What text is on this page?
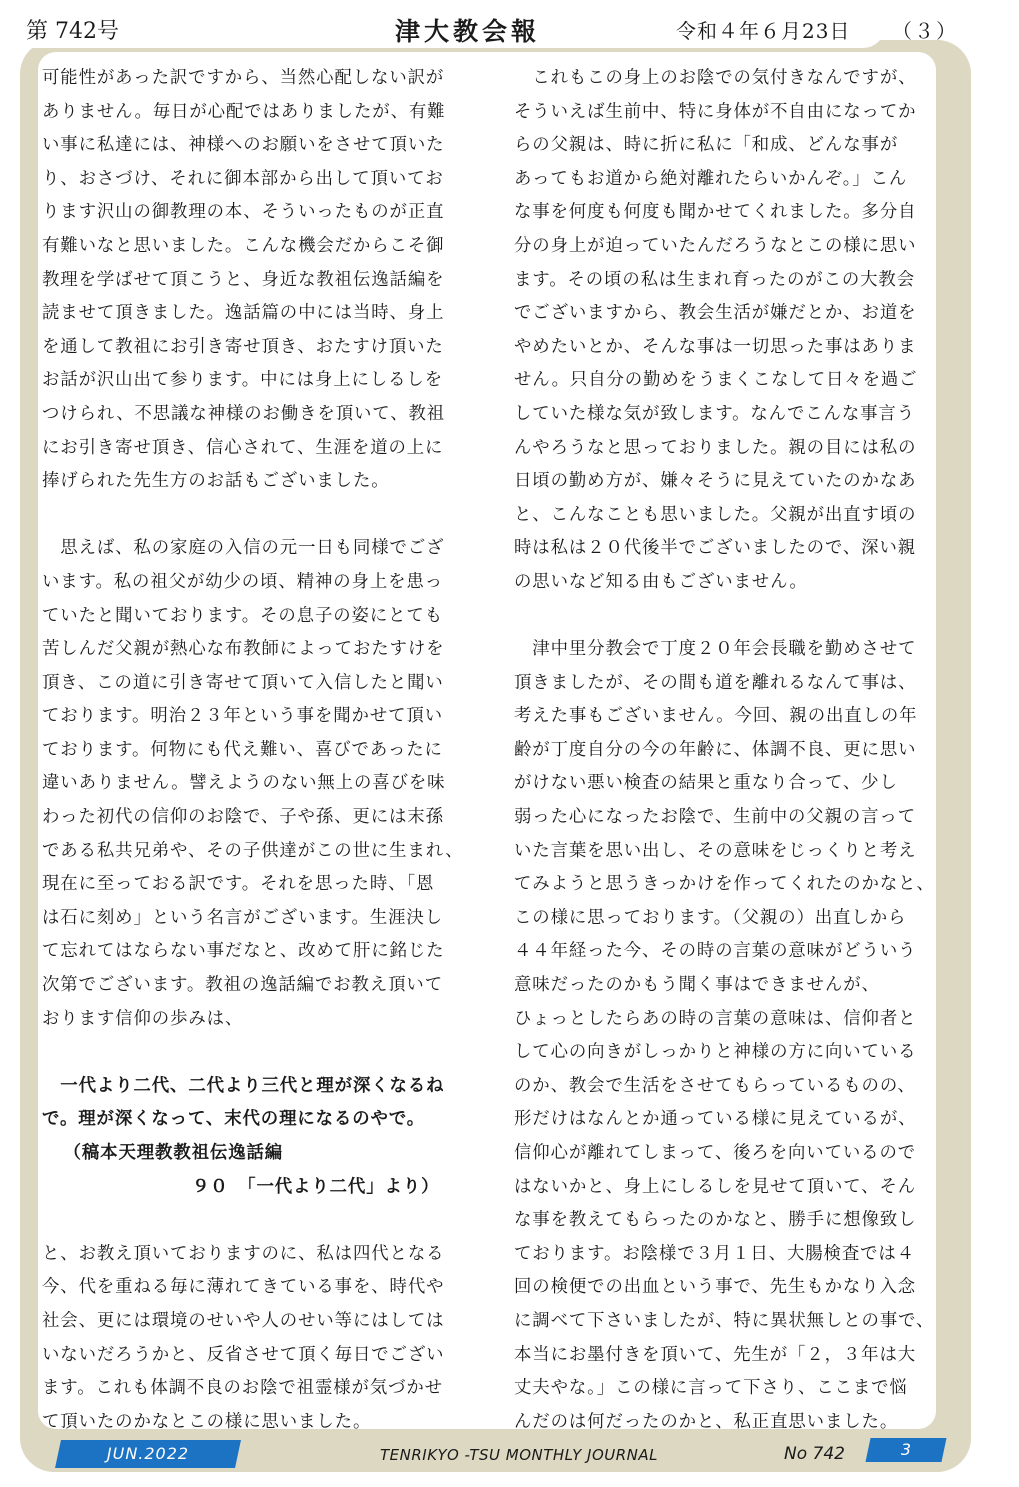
第 742号	津大教会報	令和４年６月23日 （３）
可能性があった訳ですから、当然心配しない訳が
ありません。毎日が心配ではありましたが、有難
い事に私達には、神様へのお願いをさせて頂いた
り、おさづけ、それに御本部から出して頂いてお
ります沢山の御教理の本、そういったものが正直
有難いなと思いました。こんな機会だからこそ御
教理を学ばせて頂こうと、身近な教祖伝逸話編を
読ませて頂きました。逸話篇の中には当時、身上
を通して教祖にお引き寄せ頂き、おたすけ頂いた
お話が沢山出て参ります。中には身上にしるしを
つけられ、不思議な神様のお働きを頂いて、教祖
にお引き寄せ頂き、信心されて、生涯を道の上に
捧げられた先生方のお話もございました。
　思えば、私の家庭の入信の元一日も同様でござ
います。私の祖父が幼少の頃、精神の身上を患っ
ていたと聞いております。その息子の姿にとても
苦しんだ父親が熱心な布教師によっておたすけを
頂き、この道に引き寄せて頂いて入信したと聞い
ております。明治２３年という事を聞かせて頂い
ております。何物にも代え難い、喜びであったに
違いありません。譬えようのない無上の喜びを味
わった初代の信仰のお陰で、子や孫、更には末孫
である私共兄弟や、その子供達がこの世に生まれ、
現在に至っておる訳です。それを思った時、「恩
は石に刻め」という名言がございます。生涯決し
て忘れてはならない事だなと、改めて肝に銘じた
次第でございます。教祖の逸話編でお教え頂いて
おります信仰の歩みは、
　一代より二代、二代より三代と理が深くなるね
で。理が深くなって、末代の理になるのやで。
　（稿本天理教教祖伝逸話編
９０　「一代より二代」より）
と、お教え頂いておりますのに、私は四代となる
今、代を重ねる毎に薄れてきている事を、時代や
社会、更には環境のせいや人のせい等にはしては
いないだろうかと、反省させて頂く毎日でござい
ます。これも体調不良のお陰で祖霊様が気づかせ
て頂いたのかなとこの様に思いました。
　これもこの身上のお陰での気付きなんですが、
そういえば生前中、特に身体が不自由になってか
らの父親は、時に折に私に「和成、どんな事が
あってもお道から絶対離れたらいかんぞ。」こん
な事を何度も何度も聞かせてくれました。多分自
分の身上が迫っていたんだろうなとこの様に思い
ます。その頃の私は生まれ育ったのがこの大教会
でございますから、教会生活が嫌だとか、お道を
やめたいとか、そんな事は一切思った事はありま
せん。只自分の勤めをうまくこなして日々を過ご
していた様な気が致します。なんでこんな事言う
んやろうなと思っておりました。親の目には私の
日頃の勤め方が、嫌々そうに見えていたのかなあ
と、こんなことも思いました。父親が出直す頃の
時は私は２０代後半でございましたので、深い親
の思いなど知る由もございません。
　津中里分教会で丁度２０年会長職を勤めさせて
頂きましたが、その間も道を離れるなんて事は、
考えた事もございません。今回、親の出直しの年
齢が丁度自分の今の年齢に、体調不良、更に思い
がけない悪い検査の結果と重なり合って、少し
弱った心になったお陰で、生前中の父親の言って
いた言葉を思い出し、その意味をじっくりと考え
てみようと思うきっかけを作ってくれたのかなと、
この様に思っております。（父親の）出直しから
４４年経った今、その時の言葉の意味がどういう
意味だったのかもう聞く事はできませんが、
ひょっとしたらあの時の言葉の意味は、信仰者と
して心の向きがしっかりと神様の方に向いている
のか、教会で生活をさせてもらっているものの、
形だけはなんとか通っている様に見えているが、
信仰心が離れてしまって、後ろを向いているので
はないかと、身上にしるしを見せて頂いて、そん
な事を教えてもらったのかなと、勝手に想像致し
ております。お陰様で３月１日、大腸検査では４
回の検便での出血という事で、先生もかなり入念
に調べて下さいましたが、特に異状無しとの事で、
本当にお墨付きを頂いて、先生が「２，３年は大
丈夫やな。」この様に言って下さり、ここまで悩
んだのは何だったのかと、私正直思いました。
JUN.2022	TENRIKYO -TSU MONTHLY JOURNAL	No 742	3
